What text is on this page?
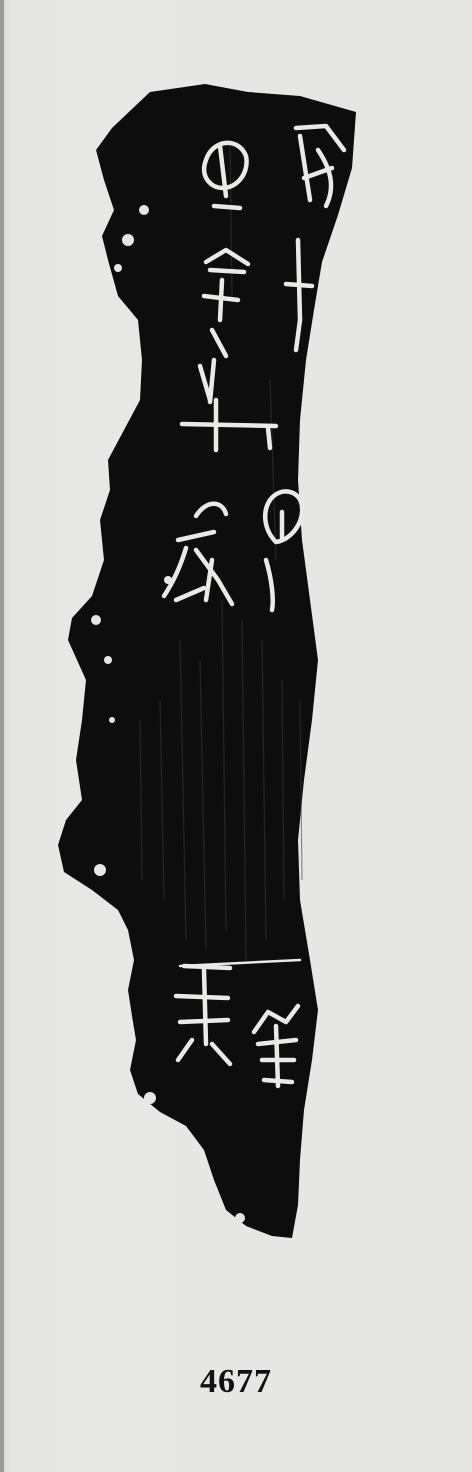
4677
